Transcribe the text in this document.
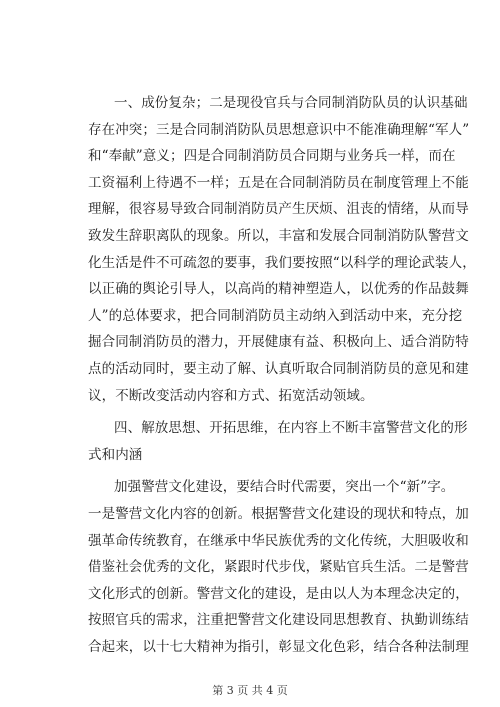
一、成份复杂；二是现役官兵与合同制消防队员的认识基础
存在冲突；三是合同制消防队员思想意识中不能准确理解“军人”
和“奉献”意义；四是合同制消防员合同期与业务兵一样，而在
工资福利上待遇不一样；五是在合同制消防员在制度管理上不能
理解，很容易导致合同制消防员产生厌烦、沮丧的情绪，从而导
致发生辞职离队的现象。所以，丰富和发展合同制消防队警营文
化生活是件不可疏忽的要事，我们要按照“以科学的理论武装人，
以正确的舆论引导人，以高尚的精神塑造人，以优秀的作品鼓舞
人”的总体要求，把合同制消防员主动纳入到活动中来，充分挖
掘合同制消防员的潜力，开展健康有益、积极向上、适合消防特
点的活动同时，要主动了解、认真听取合同制消防员的意见和建
议，不断改变活动内容和方式、拓宽活动领域。
四、解放思想、开拓思维，在内容上不断丰富警营文化的形
式和内涵
加强警营文化建设，要结合时代需要，突出一个“新”字。
一是警营文化内容的创新。根据警营文化建设的现状和特点，加
强革命传统教育，在继承中华民族优秀的文化传统，大胆吸收和
借鉴社会优秀的文化，紧跟时代步伐，紧贴官兵生活。二是警营
文化形式的创新。警营文化的建设，是由以人为本理念决定的，
按照官兵的需求，注重把警营文化建设同思想教育、执勤训练结
合起来，以十七大精神为指引，彰显文化色彩，结合各种法制理
第 3 页 共 4 页
